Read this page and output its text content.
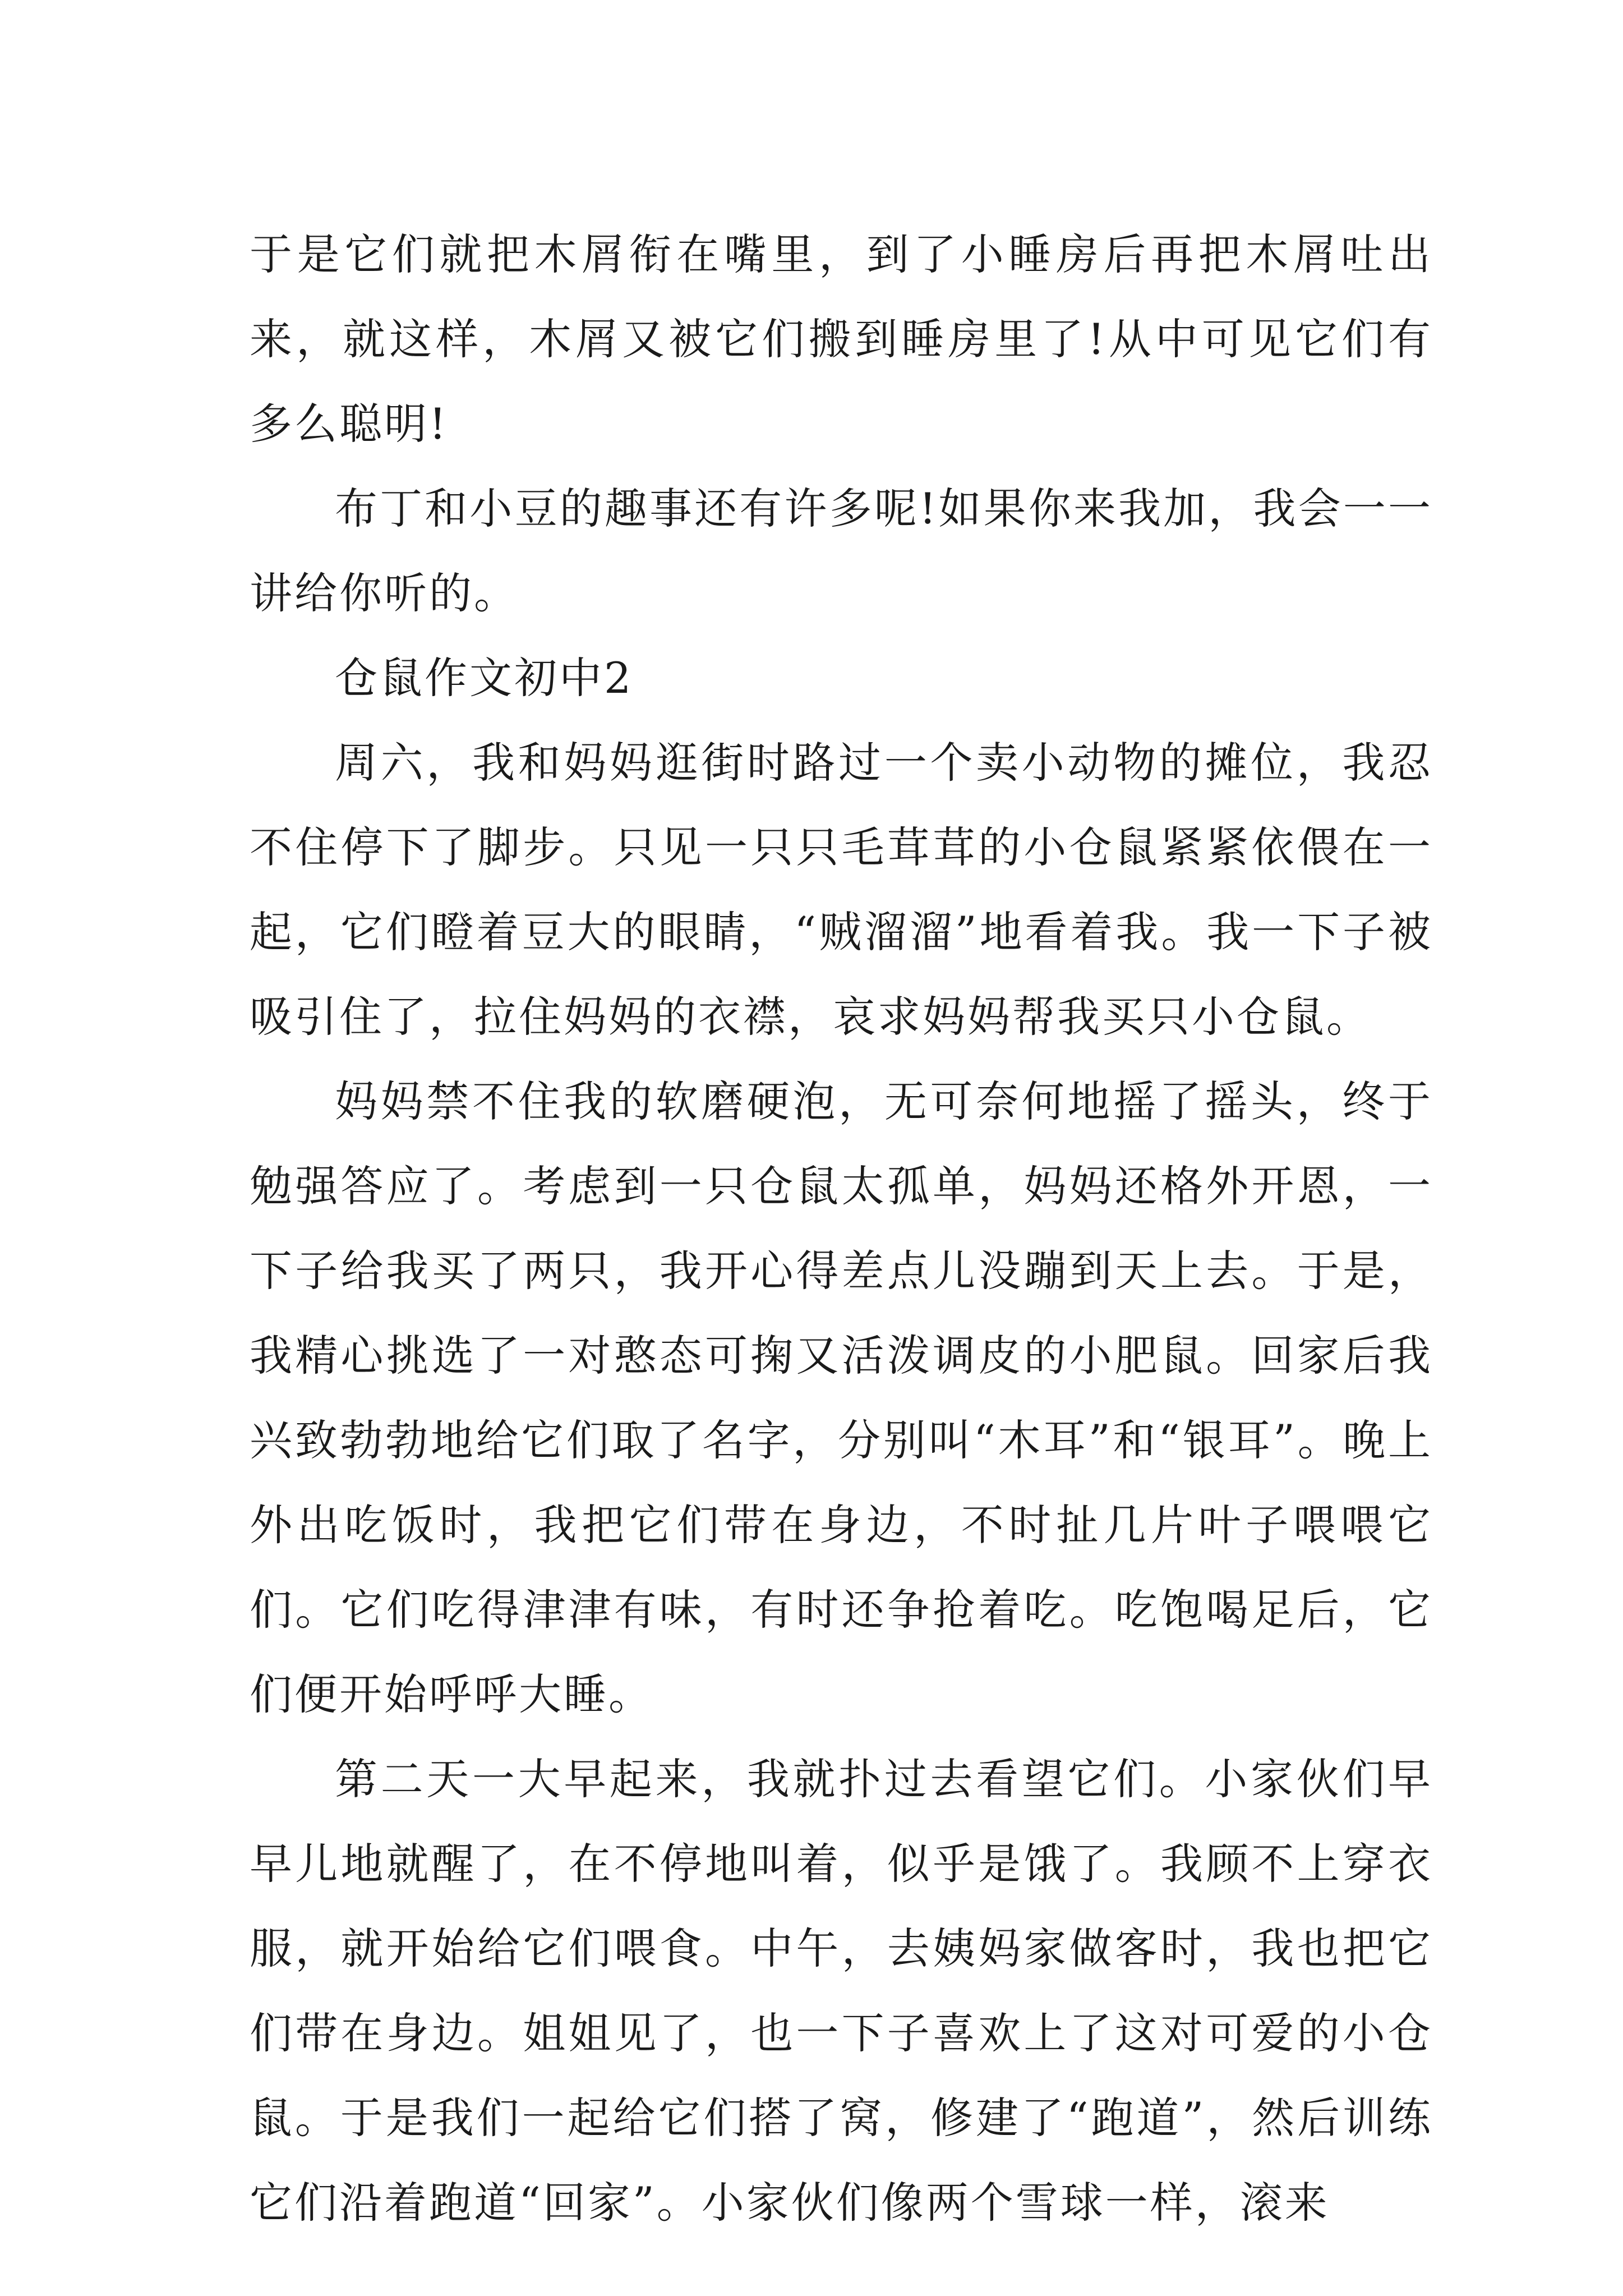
于是它们就把木屑衔在嘴里，到了小睡房后再把木屑吐出来，就这样，木屑又被它们搬到睡房里了!从中可见它们有多么聪明!

布丁和小豆的趣事还有许多呢!如果你来我加，我会一一讲给你听的。

仓鼠作文初中2

周六，我和妈妈逛街时路过一个卖小动物的摊位，我忍不住停下了脚步。只见一只只毛茸茸的小仓鼠紧紧依偎在一起，它们瞪着豆大的眼睛，“贼溜溜”地看着我。我一下子被吸引住了，拉住妈妈的衣襟，哀求妈妈帮我买只小仓鼠。

妈妈禁不住我的软磨硬泡，无可奈何地摇了摇头，终于勉强答应了。考虑到一只仓鼠太孤单，妈妈还格外开恩，一下子给我买了两只，我开心得差点儿没蹦到天上去。于是，我精心挑选了一对憨态可掬又活泼调皮的小肥鼠。回家后我兴致勃勃地给它们取了名字，分别叫“木耳”和“银耳”。晚上外出吃饭时，我把它们带在身边，不时扯几片叶子喂喂它们。它们吃得津津有味，有时还争抢着吃。吃饱喝足后，它们便开始呼呼大睡。

第二天一大早起来，我就扑过去看望它们。小家伙们早早儿地就醒了，在不停地叫着，似乎是饿了。我顾不上穿衣服，就开始给它们喂食。中午，去姨妈家做客时，我也把它们带在身边。姐姐见了，也一下子喜欢上了这对可爱的小仓鼠。于是我们一起给它们搭了窝，修建了“跑道”，然后训练它们沿着跑道“回家”。小家伙们像两个雪球一样，滚来
